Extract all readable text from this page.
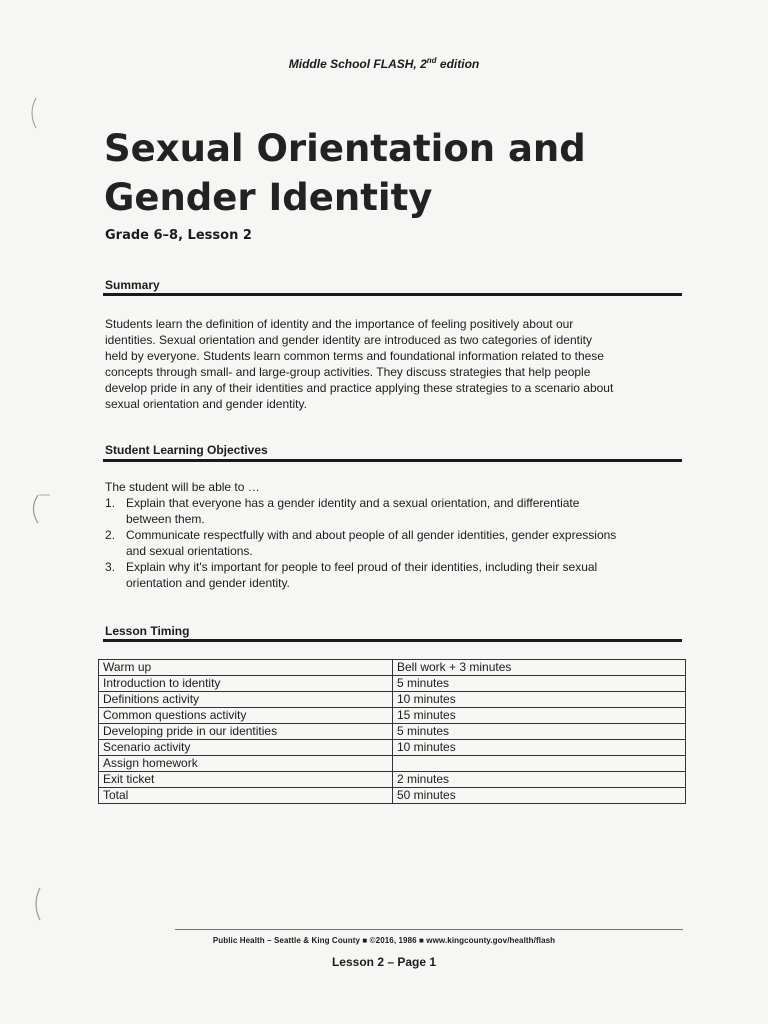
Middle School FLASH, 2nd edition
Sexual Orientation and
Gender Identity
Grade 6–8, Lesson 2
Summary

Students learn the definition of identity and the importance of feeling positively about our
identities. Sexual orientation and gender identity are introduced as two categories of identity
held by everyone. Students learn common terms and foundational information related to these
concepts through small- and large-group activities. They discuss strategies that help people
develop pride in any of their identities and practice applying these strategies to a scenario about
sexual orientation and gender identity.

Student Learning Objectives

The student will be able to …

1. Explain that everyone has a gender identity and a sexual orientation, and differentiate
between them.
2. Communicate respectfully with and about people of all gender identities, gender expressions
and sexual orientations.
3. Explain why it's important for people to feel proud of their identities, including their sexual
orientation and gender identity.
Lesson Timing
Warm up	Bell work + 3 minutes
Introduction to identity	5 minutes
Definitions activity	10 minutes
Common questions activity	15 minutes
Developing pride in our identities	5 minutes
Scenario activity	10 minutes
Assign homework	
Exit ticket	2 minutes
Total	50 minutes
Public Health – Seattle & King County ■ ©2016, 1986 ■ www.kingcounty.gov/health/flash
Lesson 2 – Page 1
